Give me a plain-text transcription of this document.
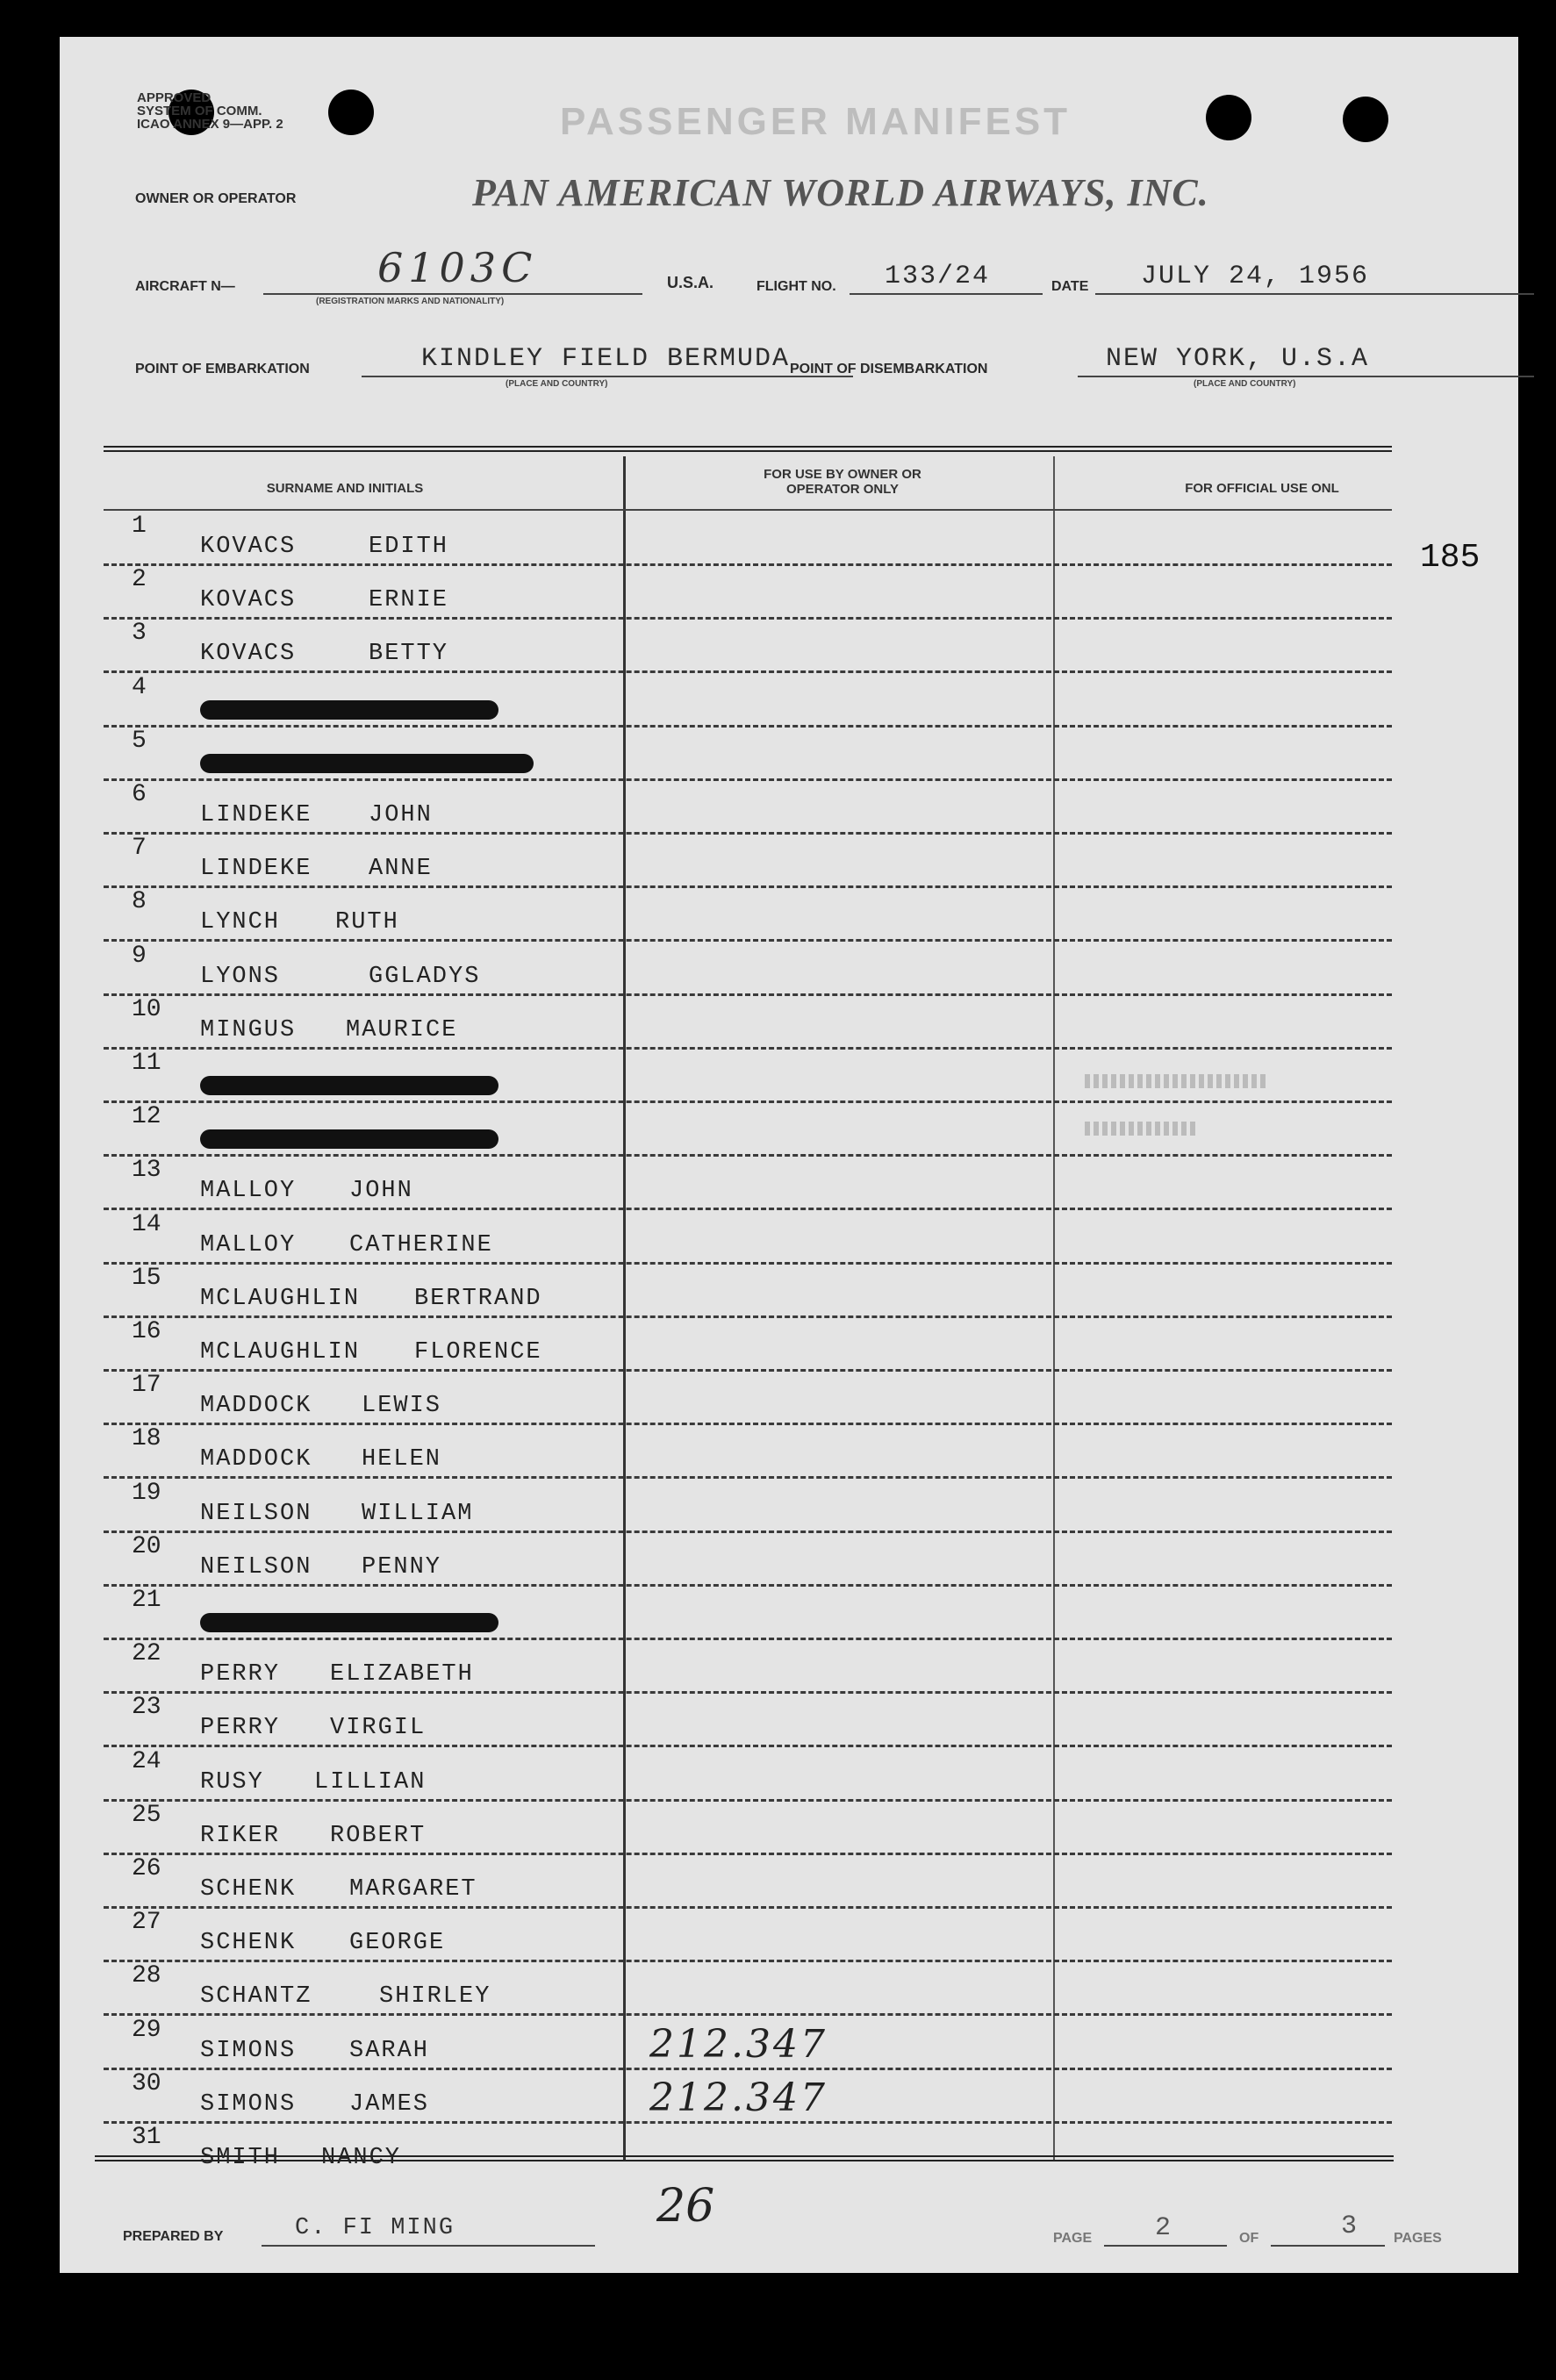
APPROVED
SYSTEM OF COMM.
ICAO ANNEX 9—APP. 2	PASSENGER MANIFEST
OWNER OR OPERATOR	PAN AMERICAN WORLD AIRWAYS, INC.
AIRCRAFT N—	6103C
(REGISTRATION MARKS AND NATIONALITY)
U.S.A.	FLIGHT NO. 133/24	DATE JULY 24, 1956
POINT OF EMBARKATION	KINDLEY FIELD BERMUDA
(PLACE AND COUNTRY)
POINT OF DISEMBARKATION	NEW YORK, U.S.A
(PLACE AND COUNTRY)
SURNAME AND INITIALS
FOR USE BY OWNER OR OPERATOR ONLY	FOR OFFICIAL USE ONL
185
1
KOVACS	EDITH
2
KOVACS	ERNIE
3
KOVACS	BETTY
4
5
6
LINDEKE JOHN
7
LINDEKE ANNE
8
LYNCH RUTH
9
LYONS	GGLADYS
10
MINGUS MAURICE
11
12
13
MALLOY JOHN
14
MALLOY CATHERINE
15
MCLAUGHLIN BERTRAND
16
MCLAUGHLIN FLORENCE
17
MADDOCK LEWIS
18
MADDOCK HELEN
19
NEILSON WILLIAM
20
NEILSON PENNY
21
22
PERRY ELIZABETH
23
PERRY VIRGIL
24
RUSY LILLIAN
25
RIKER ROBERT
26
SCHENK MARGARET
27
SCHENK GEORGE
28
SCHANTZ	SHIRLEY
29
SIMONS SARAH	212.347
30
SIMONS JAMES	212.347
31
SMITH NANCY
26
PREPARED BY	C. FI MING	PAGE 2	OF	3	PAGES
